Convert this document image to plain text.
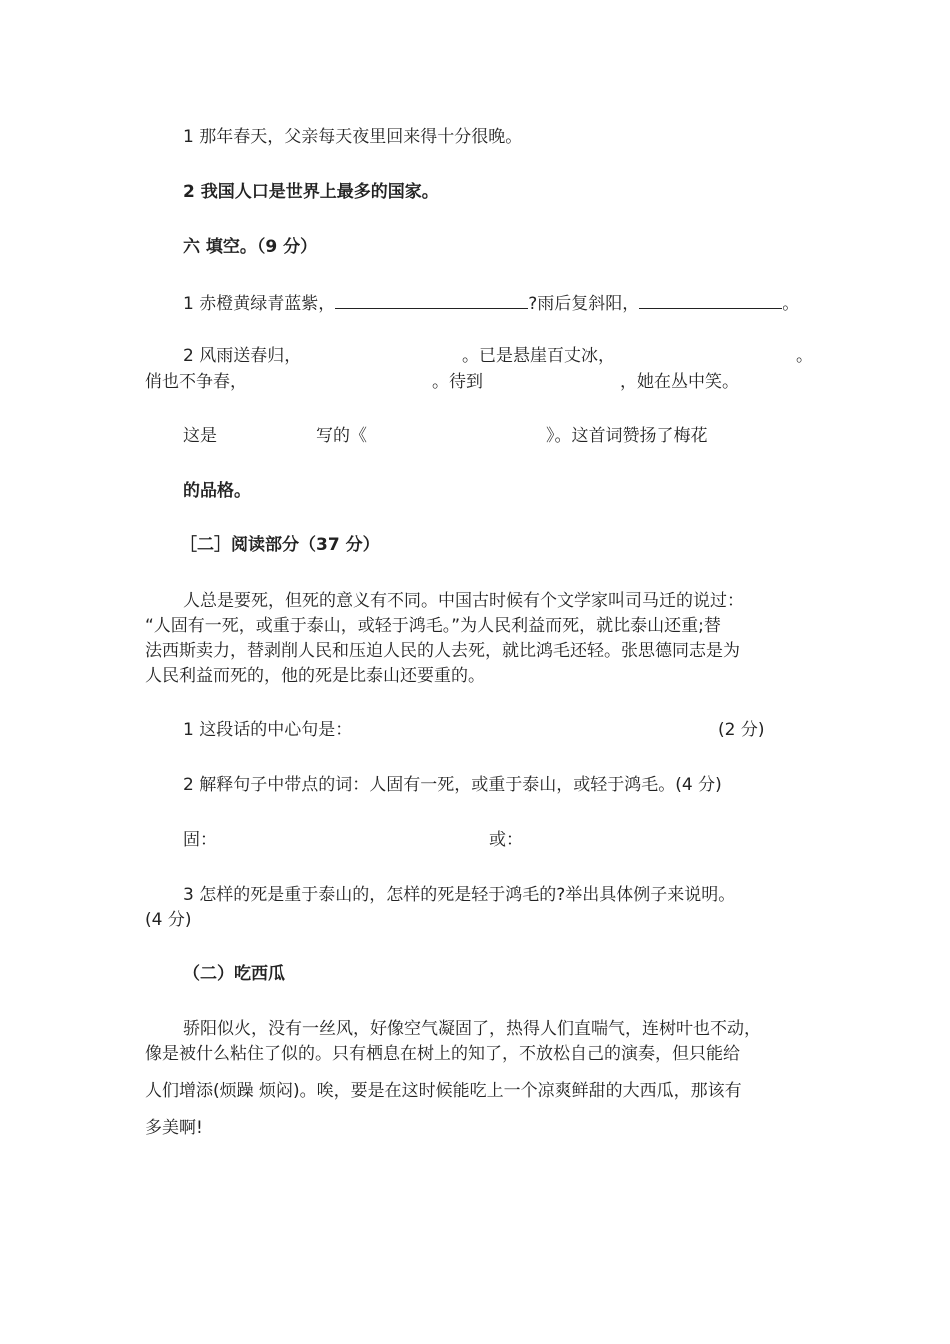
1 那年春天，父亲每天夜里回来得十分很晚。
2 我国人口是世界上最多的国家。
六 填空。（9 分）
1 赤橙黄绿青蓝紫，	?雨后复斜阳，	。
2 风雨送春归，	。已是悬崖百丈冰，	。
俏也不争春，	。待到	，她在丛中笑。
这是	写的《	》。这首词赞扬了梅花
的品格。
［二］阅读部分（37 分）
人总是要死，但死的意义有不同。中国古时候有个文学家叫司马迁的说过：
“人固有一死，或重于泰山，或轻于鸿毛。”为人民利益而死，就比泰山还重;替
法西斯卖力，替剥削人民和压迫人民的人去死，就比鸿毛还轻。张思德同志是为
人民利益而死的，他的死是比泰山还要重的。
1 这段话的中心句是：	(2 分)
2 解释句子中带点的词：人固有一死，或重于泰山，或轻于鸿毛。(4 分)
固：	或：
3 怎样的死是重于泰山的，怎样的死是轻于鸿毛的?举出具体例子来说明。
(4 分)
（二）吃西瓜
骄阳似火，没有一丝风，好像空气凝固了，热得人们直喘气，连树叶也不动，
像是被什么粘住了似的。只有栖息在树上的知了，不放松自己的演奏，但只能给
人们增添(烦躁 烦闷)。唉，要是在这时候能吃上一个凉爽鲜甜的大西瓜，那该有
多美啊!
